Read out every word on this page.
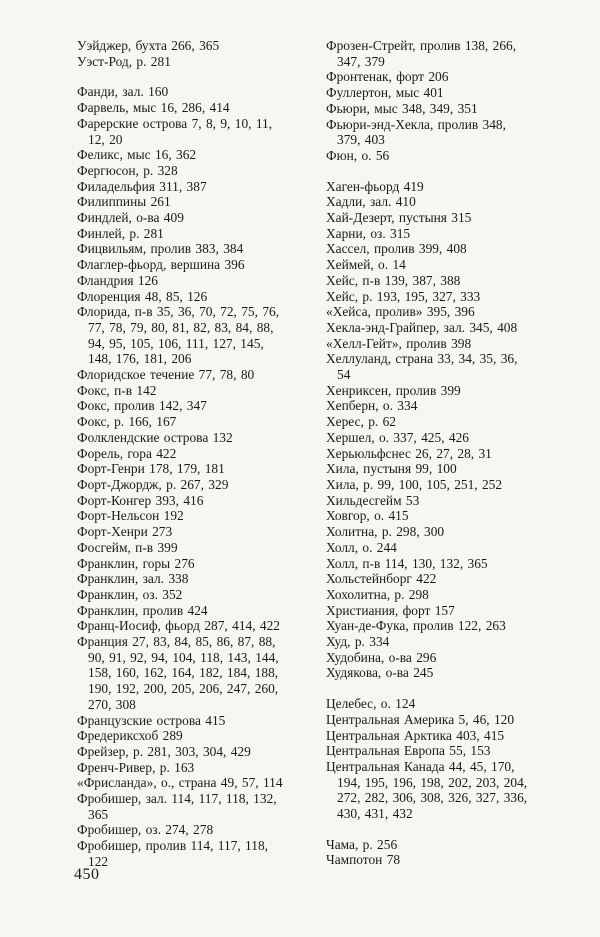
Уэйджер, бухта 266, 365
Уэст-Род, р. 281
Фанди, зал. 160
Фарвель, мыс 16, 286, 414
Фарерские острова 7, 8, 9, 10, 11, 12, 20
Феликс, мыс 16, 362
Фергюсон, р. 328
Филадельфия 311, 387
Филиппины 261
Финдлей, о-ва 409
Финлей, р. 281
Фицвильям, пролив 383, 384
Флаглер-фьорд, вершина 396
Фландрия 126
Флоренция 48, 85, 126
Флорида, п-в 35, 36, 70, 72, 75, 76, 77, 78, 79, 80, 81, 82, 83, 84, 88, 94, 95, 105, 106, 111, 127, 145, 148, 176, 181, 206
Флоридское течение 77, 78, 80
Фокс, п-в 142
Фокс, пролив 142, 347
Фокс, р. 166, 167
Фолклендские острова 132
Форель, гора 422
Форт-Генри 178, 179, 181
Форт-Джордж, р. 267, 329
Форт-Конгер 393, 416
Форт-Нельсон 192
Форт-Хенри 273
Фосгейм, п-в 399
Франклин, горы 276
Франклин, зал. 338
Франклин, оз. 352
Франклин, пролив 424
Франц-Иосиф, фьорд 287, 414, 422
Франция 27, 83, 84, 85, 86, 87, 88, 90, 91, 92, 94, 104, 118, 143, 144, 158, 160, 162, 164, 182, 184, 188, 190, 192, 200, 205, 206, 247, 260, 270, 308
Французские острова 415
Фредериксхоб 289
Фрейзер, р. 281, 303, 304, 429
Френч-Ривер, р. 163
«Фрисланда», о., страна 49, 57, 114
Фробишер, зал. 114, 117, 118, 132, 365
Фробишер, оз. 274, 278
Фробишер, пролив 114, 117, 118, 122
Фрозен-Стрейт, пролив 138, 266, 347, 379
Фронтенак, форт 206
Фуллертон, мыс 401
Фьюри, мыс 348, 349, 351
Фьюри-энд-Хекла, пролив 348, 379, 403
Фюн, о. 56
Хаген-фьорд 419
Хадли, зал. 410
Хай-Дезерт, пустыня 315
Харни, оз. 315
Хассел, пролив 399, 408
Хеймей, о. 14
Хейс, п-в 139, 387, 388
Хейс, р. 193, 195, 327, 333
«Хейса, пролив» 395, 396
Хекла-энд-Грайпер, зал. 345, 408
«Хелл-Гейт», пролив 398
Хеллуланд, страна 33, 34, 35, 36, 54
Хенриксен, пролив 399
Хепберн, о. 334
Херес, р. 62
Хершел, о. 337, 425, 426
Херьюльфснес 26, 27, 28, 31
Хила, пустыня 99, 100
Хила, р. 99, 100, 105, 251, 252
Хильдесгейм 53
Ховгор, о. 415
Холитна, р. 298, 300
Холл, о. 244
Холл, п-в 114, 130, 132, 365
Хольстейнборг 422
Хохолитна, р. 298
Христиания, форт 157
Хуан-де-Фука, пролив 122, 263
Худ, р. 334
Худобина, о-ва 296
Худякова, о-ва 245
Целебес, о. 124
Центральная Америка 5, 46, 120
Центральная Арктика 403, 415
Центральная Европа 55, 153
Центральная Канада 44, 45, 170, 194, 195, 196, 198, 202, 203, 204, 272, 282, 306, 308, 326, 327, 336, 430, 431, 432
Чама, р. 256
Чампотон 78
450
